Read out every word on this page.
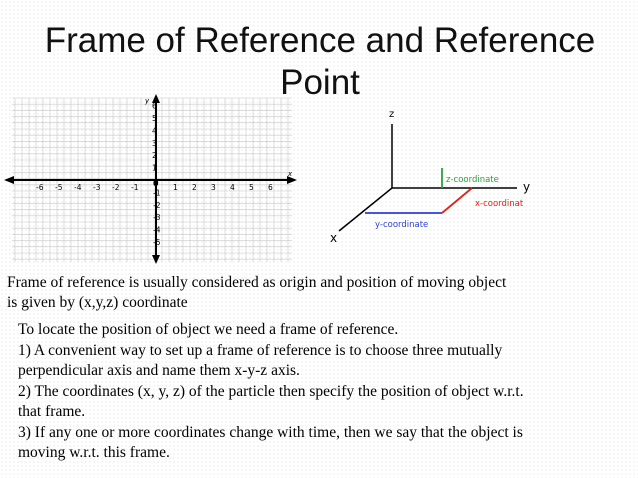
Frame of Reference and Reference
Point
y
x
0
-6 -5 -4 -3 -2 -1	1 2 3 4 5 6
6
5
4
3
2
1
-1
-2
-3
-4
-5
z
y
x
z-coordinate
x-coordinat
y-coordinate
Frame of reference is usually considered as origin and position of moving object
is given by (x,y,z) coordinate
To locate the position of object we need a frame of reference.
1) A convenient way to set up a frame of reference is to choose three mutually
perpendicular axis and name them x-y-z axis.
2) The coordinates (x, y, z) of the particle then specify the position of object w.r.t.
that frame.
3) If any one or more coordinates change with time, then we say that the object is
moving w.r.t. this frame.
